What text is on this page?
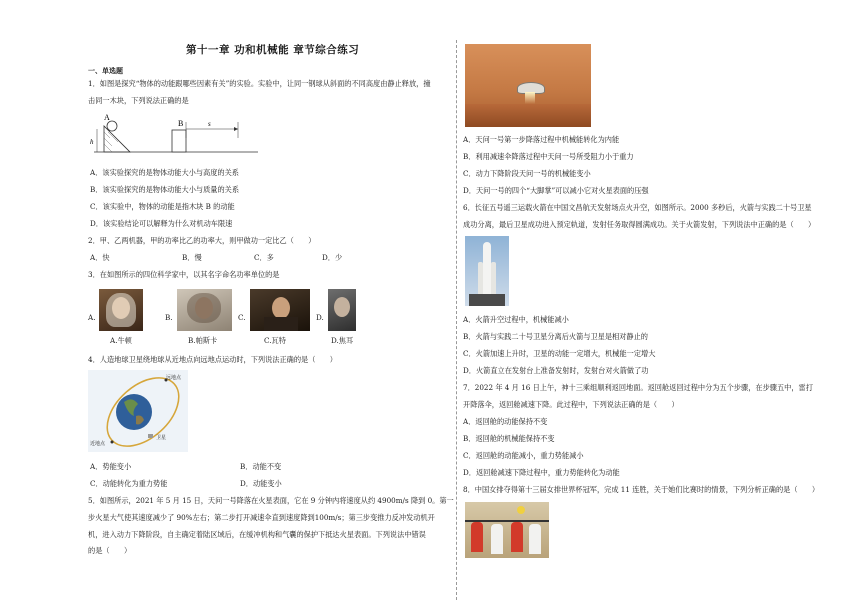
第十一章 功和机械能 章节综合练习
一、单选题
1．如图是探究“物体的动能跟哪些因素有关”的实验。实验中，让同一钢球从斜面的不同高度由静止释放，撞
击同一木块，下列说法正确的是
A
h
B	s
A．该实验探究的是物体动能大小与高度的关系
B．该实验探究的是物体动能大小与质量的关系
C．该实验中，物体的动能是指木块 B 的动能
D．该实验结论可以解释为什么对机动车限速
2．甲、乙两机器，甲的功率比乙的功率大，则甲做功一定比乙（　　）
A．快	B．慢	C．多	D．少
3．在如图所示的四位科学家中，以其名字命名功率单位的是
A.
A.牛顿
B.
B.帕斯卡
C.
C.瓦特
D.
D.焦耳
4．人造地球卫星绕地球从近地点向远地点运动时，下列说法正确的是（　　）
远地点
近地点
卫星
A．势能变小	B．动能不变
C．动能转化为重力势能	D．动能变小
5．如图所示，2021 年 5 月 15 日，天问一号降落在火星表面，它在 9 分钟内将速度从约 4900m/s 降到 0。第一
步火星大气使其速度减少了 90%左右；第二步打开减速伞直到速度降到100m/s；第三步变推力反冲发动机开
机，进入动力下降阶段，自主确定着陆区域后，在缓冲机构和气囊的保护下抵达火星表面。下列说法中错误
的是（　　）
A．天问一号第一步降落过程中机械能转化为内能
B．利用减速伞降落过程中天问一号所受阻力小于重力
C．动力下降阶段天问一号的机械能变小
D．天问一号的四个“大脚掌”可以减小它对火星表面的压强
6．长征五号遥三运载火箭在中国文昌航天发射场点火升空，如图所示。2000 多秒后，火箭与实践二十号卫星
成功分离，最后卫星成功进入预定轨道，发射任务取得圆满成功。关于火箭发射，下列说法中正确的是（　　）
A．火箭升空过程中，机械能减小
B．火箭与实践二十号卫星分离后火箭与卫星是相对静止的
C．火箭加速上升时，卫星的动能一定增大，机械能一定增大
D．火箭直立在发射台上准备发射时，发射台对火箭做了功
7．2022 年 4 月 16 日上午，神十三乘组顺利返回地面。返回舱返回过程中分为五个步骤，在步骤五中，雷打
开降落伞，返回舱减速下降。此过程中，下列说法正确的是（　　）
A．返回舱的动能保持不变
B．返回舱的机械能保持不变
C．返回舱的动能减小，重力势能减小
D．返回舱减速下降过程中，重力势能转化为动能
8．中国女排夺得第十三届女排世界杯冠军，完成 11 连胜，关于她们比赛时的情景，下列分析正确的是（　　）
